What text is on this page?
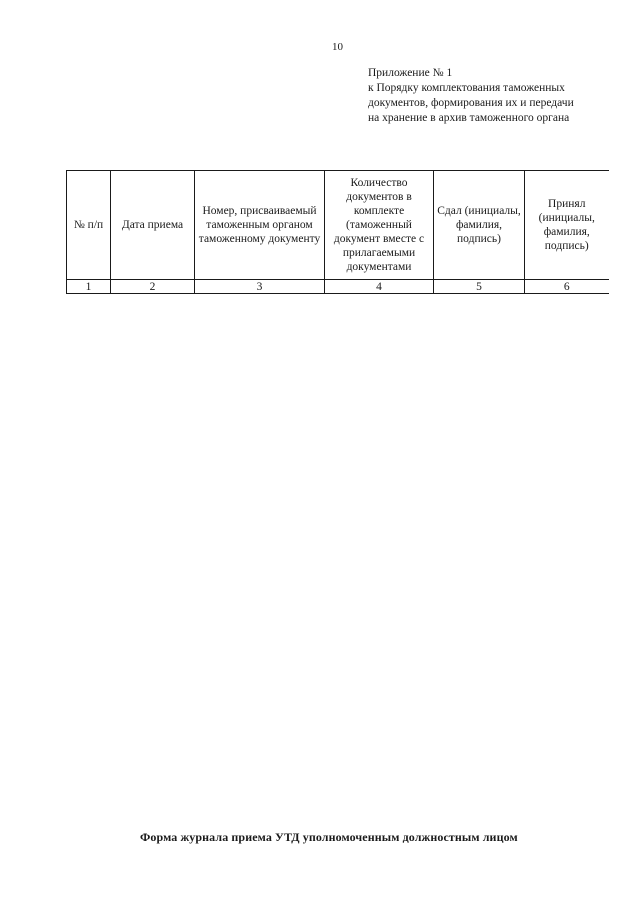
10
Приложение № 1
к Порядку комплектования таможенных
документов, формирования их и передачи
на хранение в архив таможенного органа
№ п/п	Дата приема	Номер, присваиваемый таможенным органом таможенному документу	Количество документов в комплекте (таможенный документ вместе с прилагаемыми документами	Сдал (инициалы, фамилия, подпись)	Принял (инициалы, фамилия, подпись)
1	2	3	4	5	6
Форма журнала приема УТД уполномоченным должностным лицом
